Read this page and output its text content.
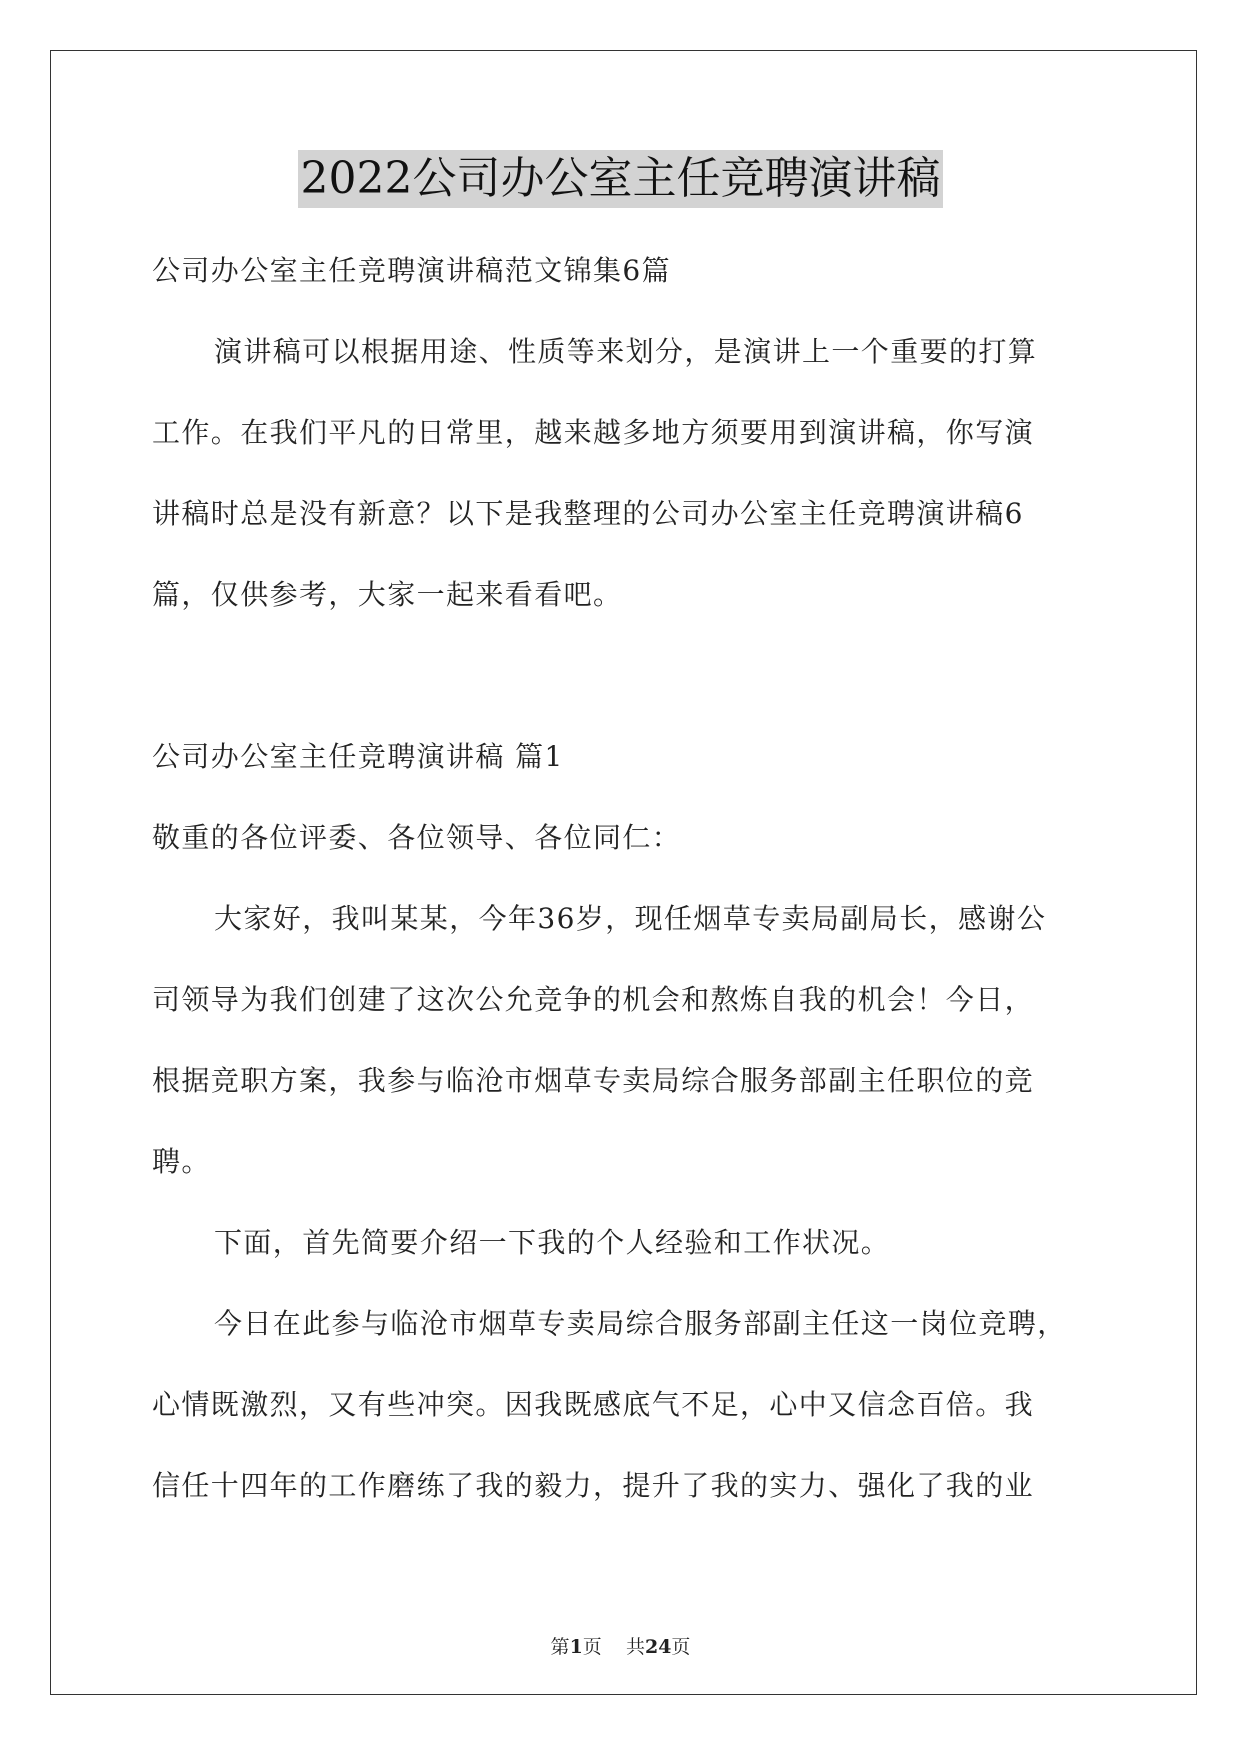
2022公司办公室主任竞聘演讲稿
公司办公室主任竞聘演讲稿范文锦集6篇
演讲稿可以根据用途、性质等来划分，是演讲上一个重要的打算
工作。在我们平凡的日常里，越来越多地方须要用到演讲稿，你写演
讲稿时总是没有新意？以下是我整理的公司办公室主任竞聘演讲稿6
篇，仅供参考，大家一起来看看吧。
公司办公室主任竞聘演讲稿 篇1
敬重的各位评委、各位领导、各位同仁：
大家好，我叫某某，今年36岁，现任烟草专卖局副局长，感谢公
司领导为我们创建了这次公允竞争的机会和熬炼自我的机会！今日，
根据竞职方案，我参与临沧市烟草专卖局综合服务部副主任职位的竞
聘。
下面，首先简要介绍一下我的个人经验和工作状况。
今日在此参与临沧市烟草专卖局综合服务部副主任这一岗位竞聘，
心情既激烈，又有些冲突。因我既感底气不足，心中又信念百倍。我
信任十四年的工作磨练了我的毅力，提升了我的实力、强化了我的业
第1页    共24页
